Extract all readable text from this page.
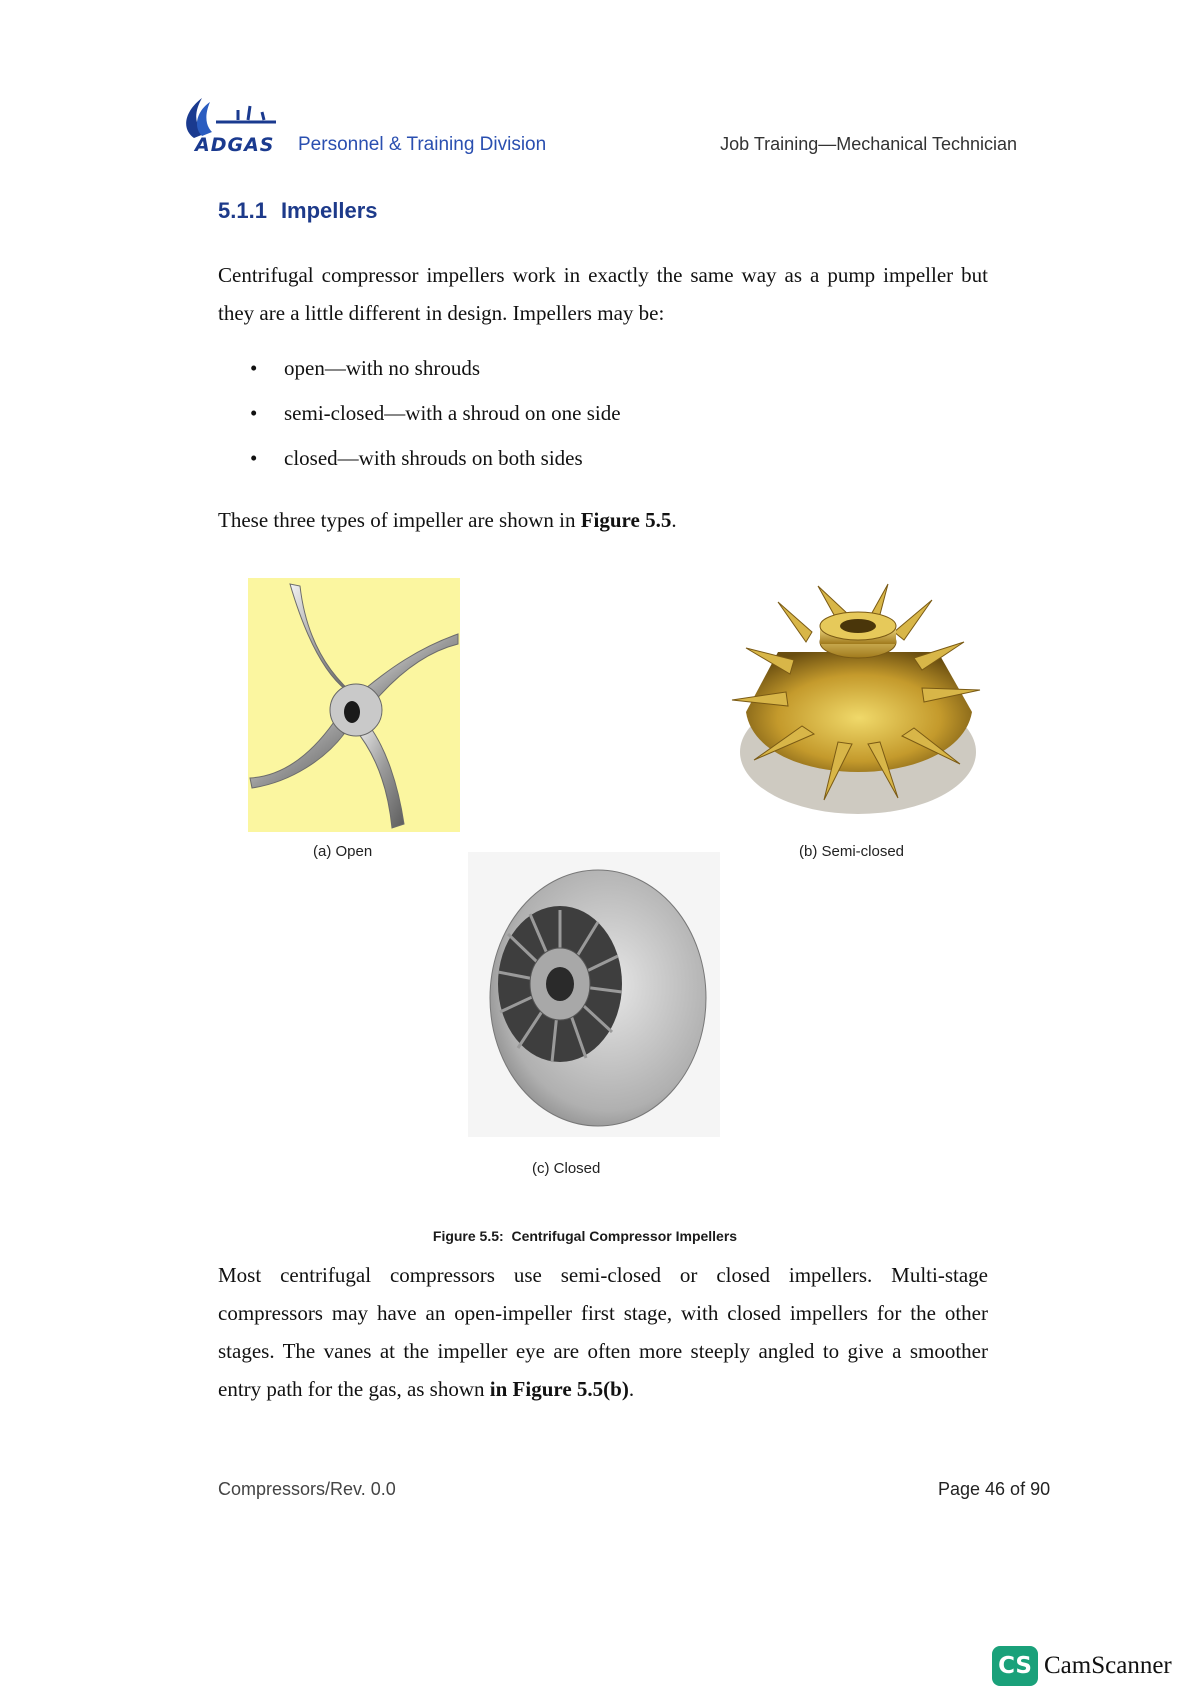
ADGAS Personnel & Training Division	Job Training—Mechanical Technician
5.1.1 Impellers
Centrifugal compressor impellers work in exactly the same way as a pump impeller but they are a little different in design. Impellers may be:
• open—with no shrouds
• semi-closed—with a shroud on one side
• closed—with shrouds on both sides
These three types of impeller are shown in Figure 5.5.
(a) Open	(b) Semi-closed
(c) Closed
Figure 5.5: Centrifugal Compressor Impellers
Most centrifugal compressors use semi-closed or closed impellers. Multi-stage compressors may have an open-impeller first stage, with closed impellers for the other stages. The vanes at the impeller eye are often more steeply angled to give a smoother entry path for the gas, as shown in Figure 5.5(b).
Compressors/Rev. 0.0	Page 46 of 90
CS CamScanner
